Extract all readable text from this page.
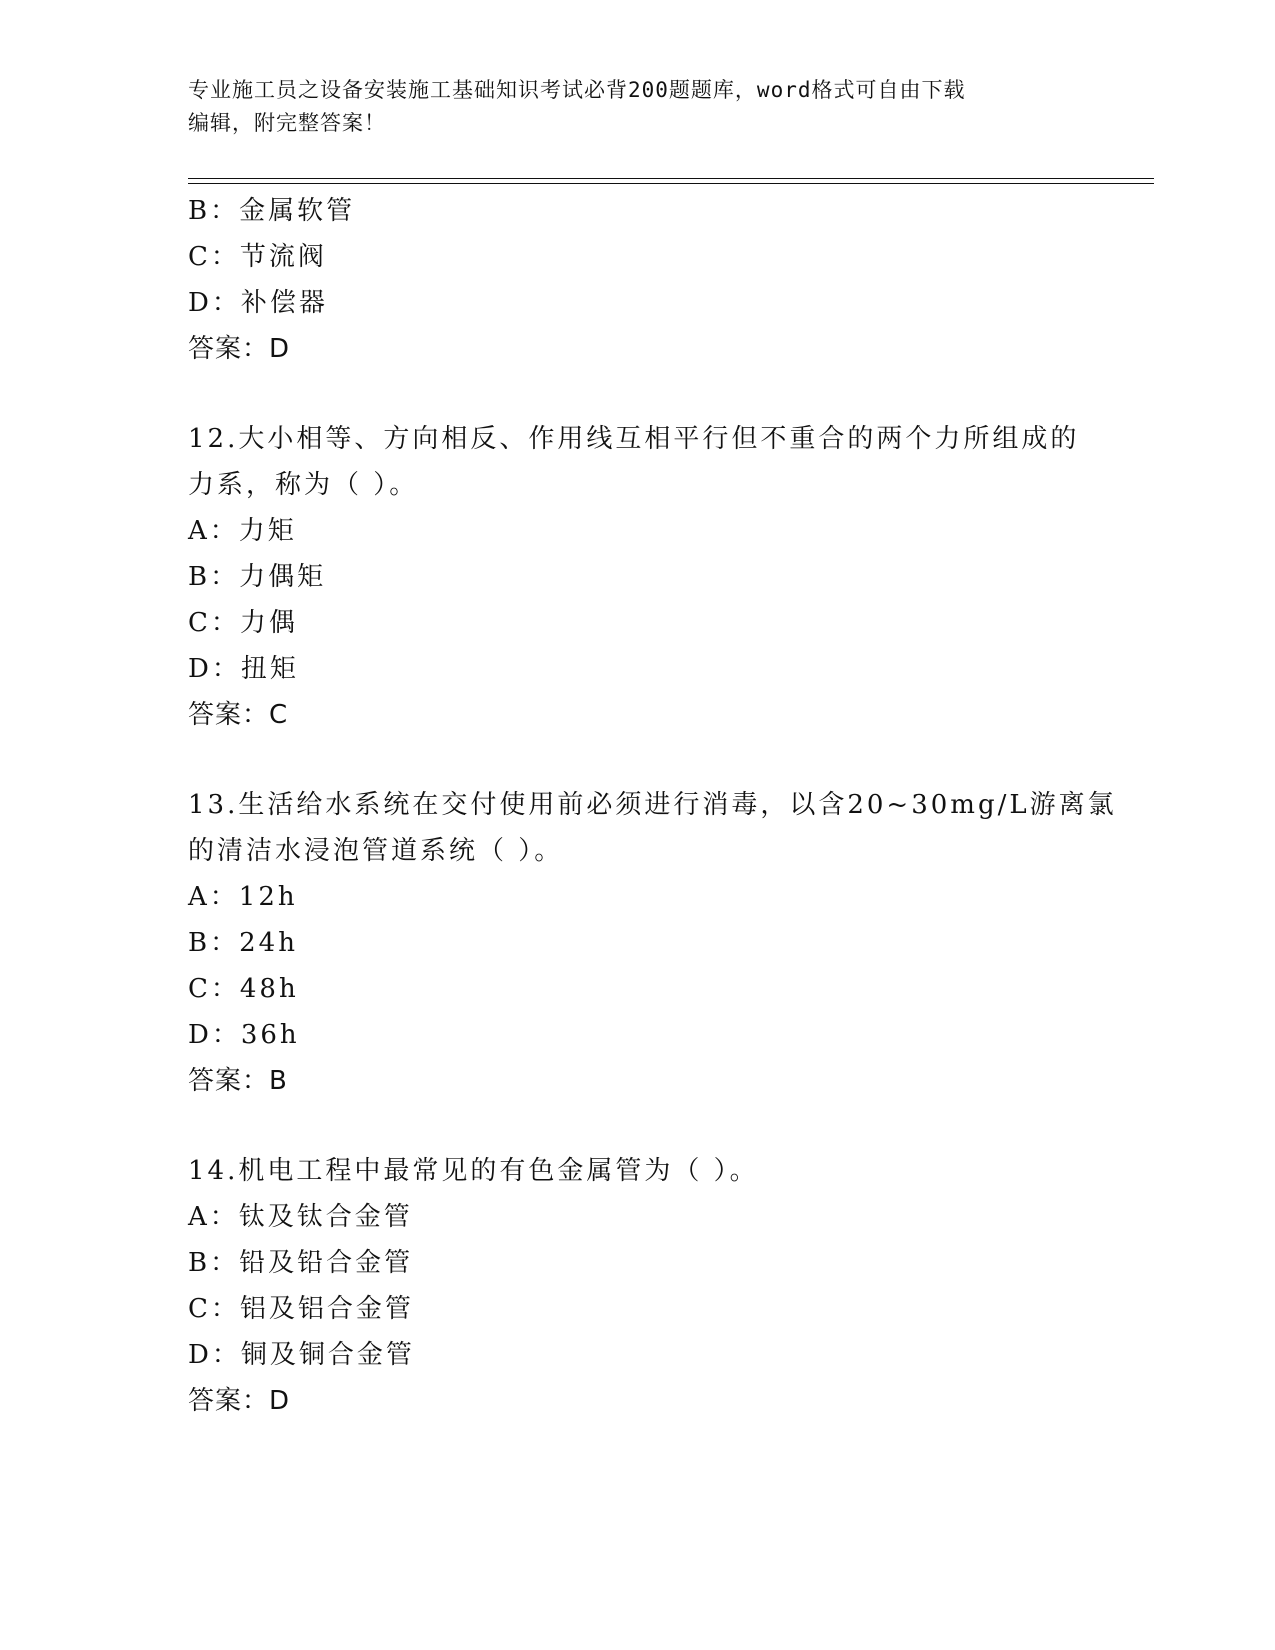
专业施工员之设备安装施工基础知识考试必背200题题库，word格式可自由下载
编辑，附完整答案！
B：金属软管
C：节流阀
D：补偿器
答案：D
12.大小相等、方向相反、作用线互相平行但不重合的两个力所组成的
力系，称为（ ）。
A：力矩
B：力偶矩
C：力偶
D：扭矩
答案：C
13.生活给水系统在交付使用前必须进行消毒，以含20~30mg/L游离氯
的清洁水浸泡管道系统（ ）。
A：12h
B：24h
C：48h
D：36h
答案：B
14.机电工程中最常见的有色金属管为（ ）。
A：钛及钛合金管
B：铅及铅合金管
C：铝及铝合金管
D：铜及铜合金管
答案：D
